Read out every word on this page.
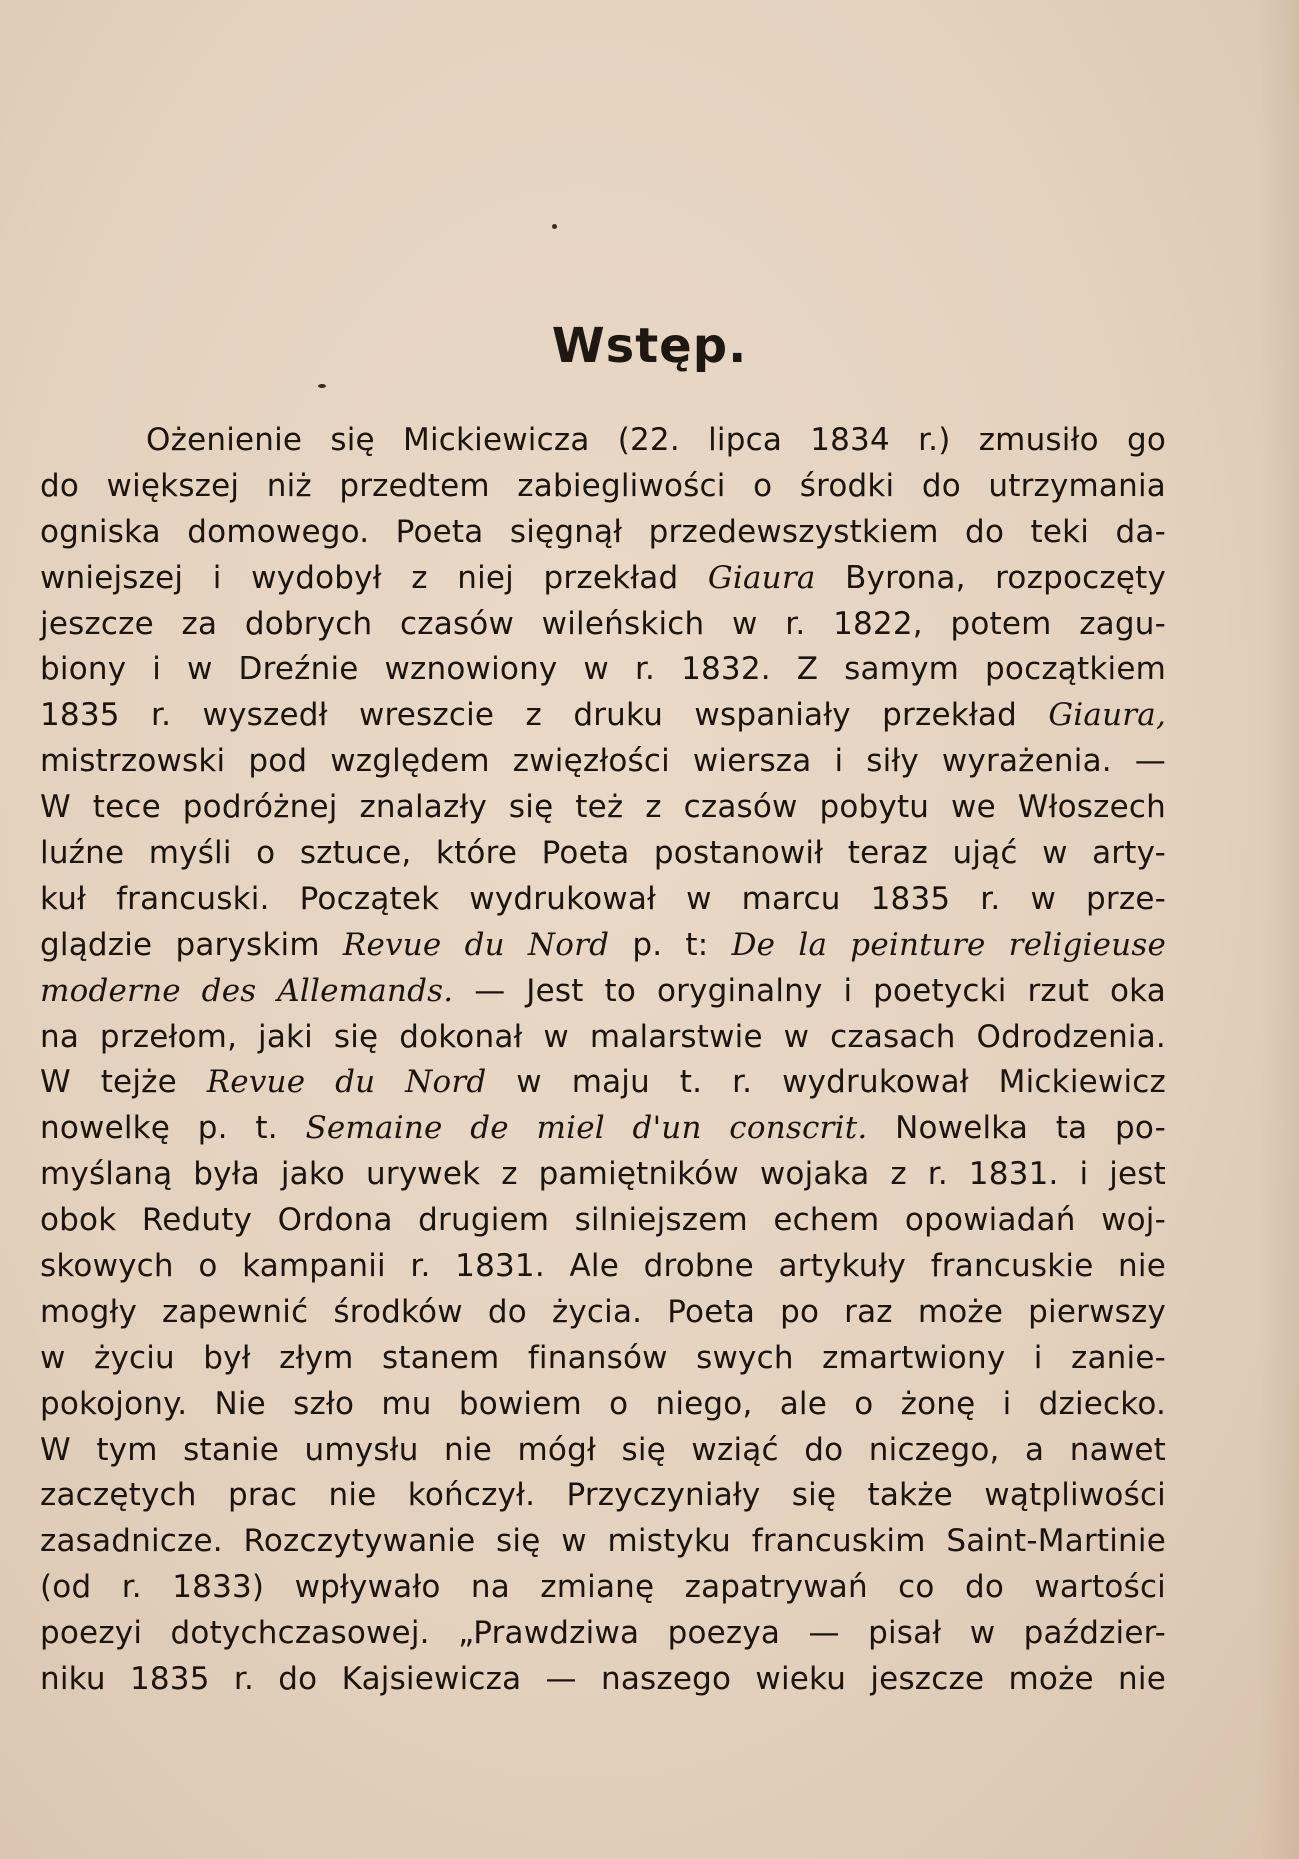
Wstęp.
Ożenienie się Mickiewicza (22. lipca 1834 r.) zmusiło go
do większej niż przedtem zabiegliwości o środki do utrzymania
ogniska domowego. Poeta sięgnął przedewszystkiem do teki da-
wniejszej i wydobył z niej przekład Giaura Byrona, rozpoczęty
jeszcze za dobrych czasów wileńskich w r. 1822, potem zagu-
biony i w Dreźnie wznowiony w r. 1832. Z samym początkiem
1835 r. wyszedł wreszcie z druku wspaniały przekład Giaura,
mistrzowski pod względem zwięzłości wiersza i siły wyrażenia. —
W tece podróżnej znalazły się też z czasów pobytu we Włoszech
luźne myśli o sztuce, które Poeta postanowił teraz ująć w arty-
kuł francuski. Początek wydrukował w marcu 1835 r. w prze-
glądzie paryskim Revue du Nord p. t: De la peinture religieuse
moderne des Allemands. — Jest to oryginalny i poetycki rzut oka
na przełom, jaki się dokonał w malarstwie w czasach Odrodzenia.
W tejże Revue du Nord w maju t. r. wydrukował Mickiewicz
nowelkę p. t. Semaine de miel d'un conscrit. Nowelka ta po-
myślaną była jako urywek z pamiętników wojaka z r. 1831. i jest
obok Reduty Ordona drugiem silniejszem echem opowiadań woj-
skowych o kampanii r. 1831. Ale drobne artykuły francuskie nie
mogły zapewnić środków do życia. Poeta po raz może pierwszy
w życiu był złym stanem finansów swych zmartwiony i zanie-
pokojony. Nie szło mu bowiem o niego, ale o żonę i dziecko.
W tym stanie umysłu nie mógł się wziąć do niczego, a nawet
zaczętych prac nie kończył. Przyczyniały się także wątpliwości
zasadnicze. Rozczytywanie się w mistyku francuskim Saint-Martinie
(od r. 1833) wpływało na zmianę zapatrywań co do wartości
poezyi dotychczasowej. „Prawdziwa poezya — pisał w paździer-
niku 1835 r. do Kajsiewicza — naszego wieku jeszcze może nie
